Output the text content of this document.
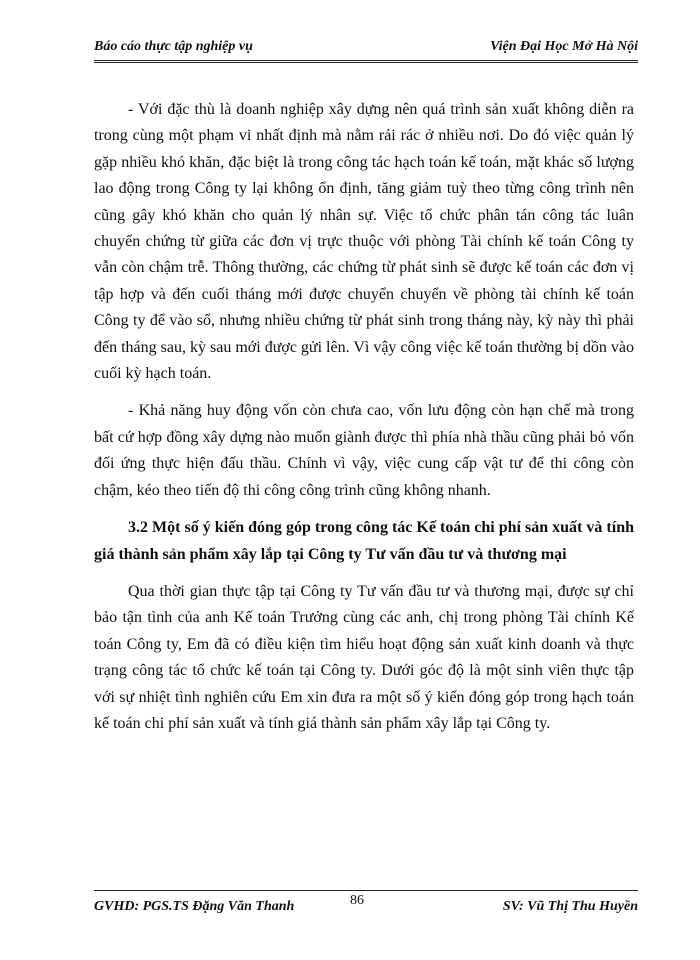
Báo cáo thực tập nghiệp vụ	Viện Đại Học Mở Hà Nội

- Với đặc thù là doanh nghiệp xây dựng nên quá trình sản xuất không diễn ra trong cùng một phạm vi nhất định mà nằm rải rác ở nhiều nơi. Do đó việc quản lý gặp nhiều khó khăn, đặc biệt là trong công tác hạch toán kế toán, mặt khác số lượng lao động trong Công ty lại không ổn định, tăng giảm tuỳ theo từng công trình nên cũng gây khó khăn cho quản lý nhân sự. Việc tổ chức phân tán công tác luân chuyển chứng từ giữa các đơn vị trực thuộc với phòng Tài chính kế toán Công ty vẫn còn chậm trễ. Thông thường, các chứng từ phát sinh sẽ được kế toán các đơn vị tập hợp và đến cuối tháng mới được chuyển chuyển về phòng tài chính kế toán Công ty để vào sổ, nhưng nhiều chứng từ phát sinh trong tháng này, kỳ này thì phải đến tháng sau, kỳ sau mới được gửi lên. Vì vậy công việc kế toán thường bị dồn vào cuối kỳ hạch toán.

- Khả năng huy động vốn còn chưa cao, vốn lưu động còn hạn chế mà trong bất cứ hợp đồng xây dựng nào muốn giành được thì phía nhà thầu cũng phải bỏ vốn đối ứng thực hiện đấu thầu. Chính vì vậy, việc cung cấp vật tư để thi công còn chậm, kéo theo tiến độ thi công công trình cũng không nhanh.

3.2 Một số ý kiến đóng góp trong công tác Kế toán chi phí sản xuất và tính giá thành sản phẩm xây lắp tại Công ty Tư vấn đầu tư và thương mại

Qua thời gian thực tập tại Công ty Tư vấn đầu tư và thương mại, được sự chỉ bảo tận tình của anh Kế toán Trưởng cùng các anh, chị trong phòng Tài chính Kế toán Công ty, Em đã có điều kiện tìm hiểu hoạt động sản xuất kinh doanh và thực trạng công tác tổ chức kế toán tại Công ty. Dưới góc độ là một sinh viên thực tập với sự nhiệt tình nghiên cứu Em xin đưa ra một số ý kiến đóng góp trong hạch toán kế toán chi phí sản xuất và tính giá thành sản phẩm xây lắp tại Công ty.

GVHD: PGS.TS Đặng Văn Thanh	86	SV: Vũ Thị Thu Huyền
